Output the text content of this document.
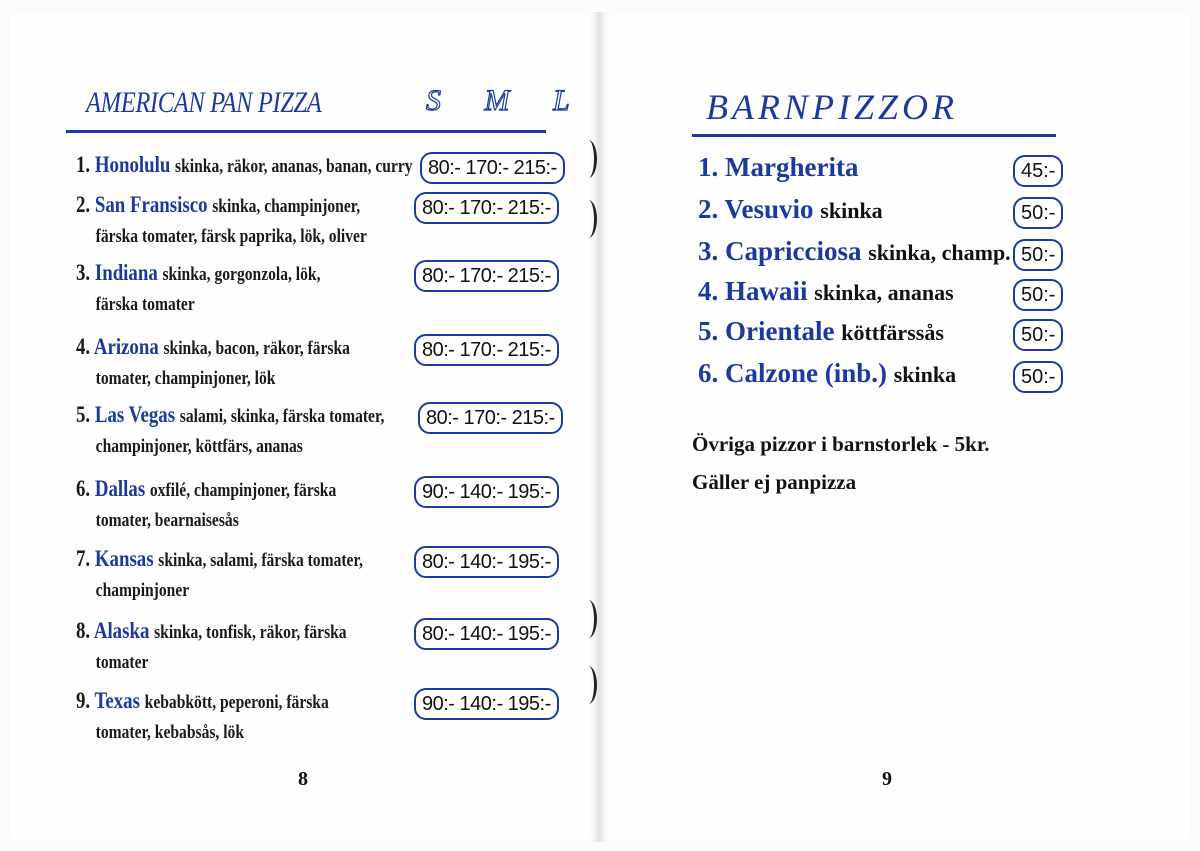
AMERICAN PAN PIZZA	S M L
1. Honolulu skinka, räkor, ananas, banan, curry 80:- 170:- 215:-
2. San Fransisco skinka, champinjoner,
färska tomater, färsk paprika, lök, oliver
80:- 170:- 215:-
3. Indiana skinka, gorgonzola, lök,
färska tomater
80:- 170:- 215:-
4. Arizona skinka, bacon, räkor, färska
tomater, champinjoner, lök
80:- 170:- 215:-
5. Las Vegas salami, skinka, färska tomater,
champinjoner, köttfärs, ananas
80:- 170:- 215:-
6. Dallas oxfilé, champinjoner, färska
tomater, bearnaisesås
90:- 140:- 195:-
7. Kansas skinka, salami, färska tomater,
champinjoner
80:- 140:- 195:-
8. Alaska skinka, tonfisk, räkor, färska
tomater
80:- 140:- 195:-
9. Texas kebabkött, peperoni, färska
tomater, kebabsås, lök
90:- 140:- 195:-
8
BARNPIZZOR
1. Margherita	45:-
2. Vesuvio skinka	50:-
3. Capricciosa skinka, champ. 50:-
4. Hawaii skinka, ananas	50:-
5. Orientale köttfärssås	50:-
6. Calzone (inb.) skinka	50:-
Övriga pizzor i barnstorlek - 5kr.
Gäller ej panpizza
9
